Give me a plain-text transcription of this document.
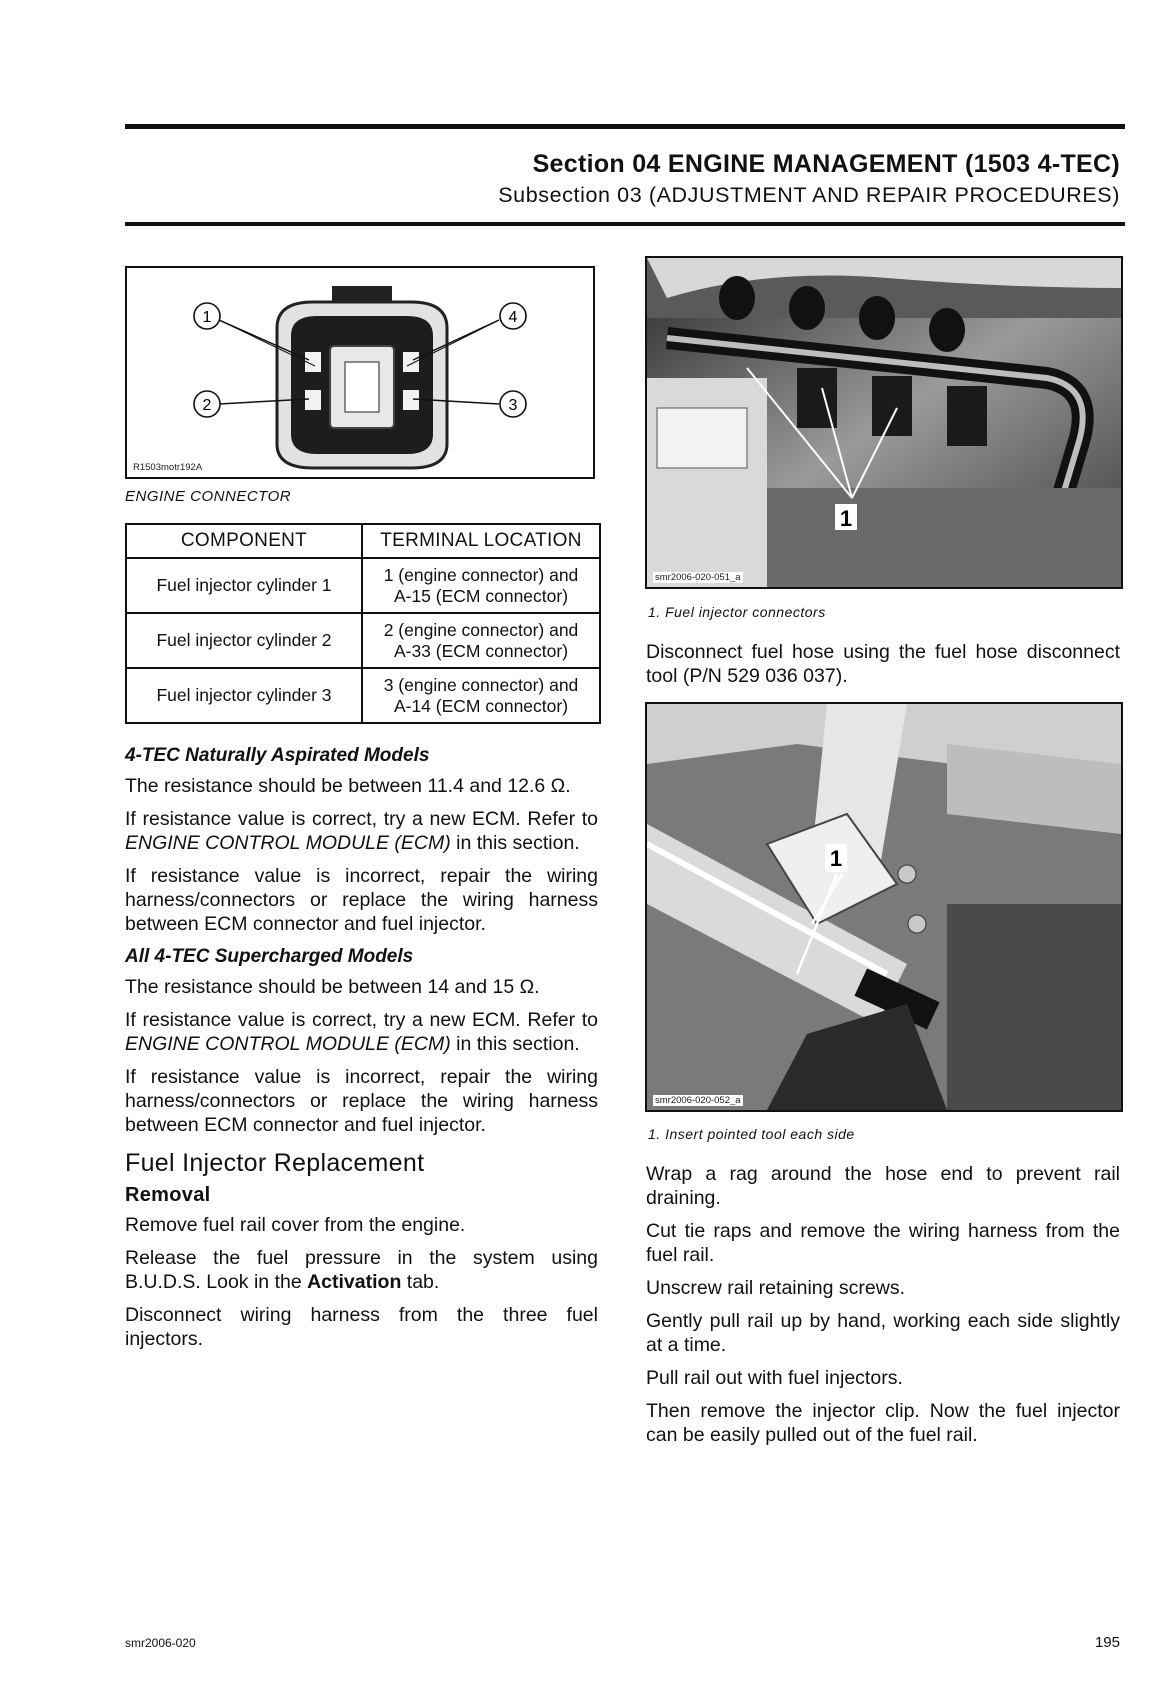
Section 04 ENGINE MANAGEMENT (1503 4-TEC)
Subsection 03 (ADJUSTMENT AND REPAIR PROCEDURES)
1	4
2	3
R1503motr192A
ENGINE CONNECTOR
COMPONENT	TERMINAL LOCATION
Fuel injector cylinder 1	1 (engine connector) and
A-15 (ECM connector)

Fuel injector cylinder 2	2 (engine connector) and
A-33 (ECM connector)

Fuel injector cylinder 3	3 (engine connector) and
A-14 (ECM connector)
4-TEC Naturally Aspirated Models

The resistance should be between 11.4 and 12.6 Ω.

If resistance value is correct, try a new ECM. Refer to ENGINE CONTROL MODULE (ECM) in this section.

If resistance value is incorrect, repair the wiring harness/connectors or replace the wiring harness between ECM connector and fuel injector.

All 4-TEC Supercharged Models

The resistance should be between 14 and 15 Ω.

If resistance value is correct, try a new ECM. Refer to ENGINE CONTROL MODULE (ECM) in this section.

If resistance value is incorrect, repair the wiring harness/connectors or replace the wiring harness between ECM connector and fuel injector.

Fuel Injector Replacement
Removal

Remove fuel rail cover from the engine.

Release the fuel pressure in the system using B.U.D.S. Look in the Activation tab.

Disconnect wiring harness from the three fuel injectors.

1
smr2006-020-051_a
1. Fuel injector connectors

Disconnect fuel hose using the fuel hose disconnect tool (P/N 529 036 037).

1
smr2006-020-052_a
1. Insert pointed tool each side

Wrap a rag around the hose end to prevent rail draining.

Cut tie raps and remove the wiring harness from the fuel rail.

Unscrew rail retaining screws.

Gently pull rail up by hand, working each side slightly at a time.

Pull rail out with fuel injectors.

Then remove the injector clip. Now the fuel injector can be easily pulled out of the fuel rail.

smr2006-020	195
